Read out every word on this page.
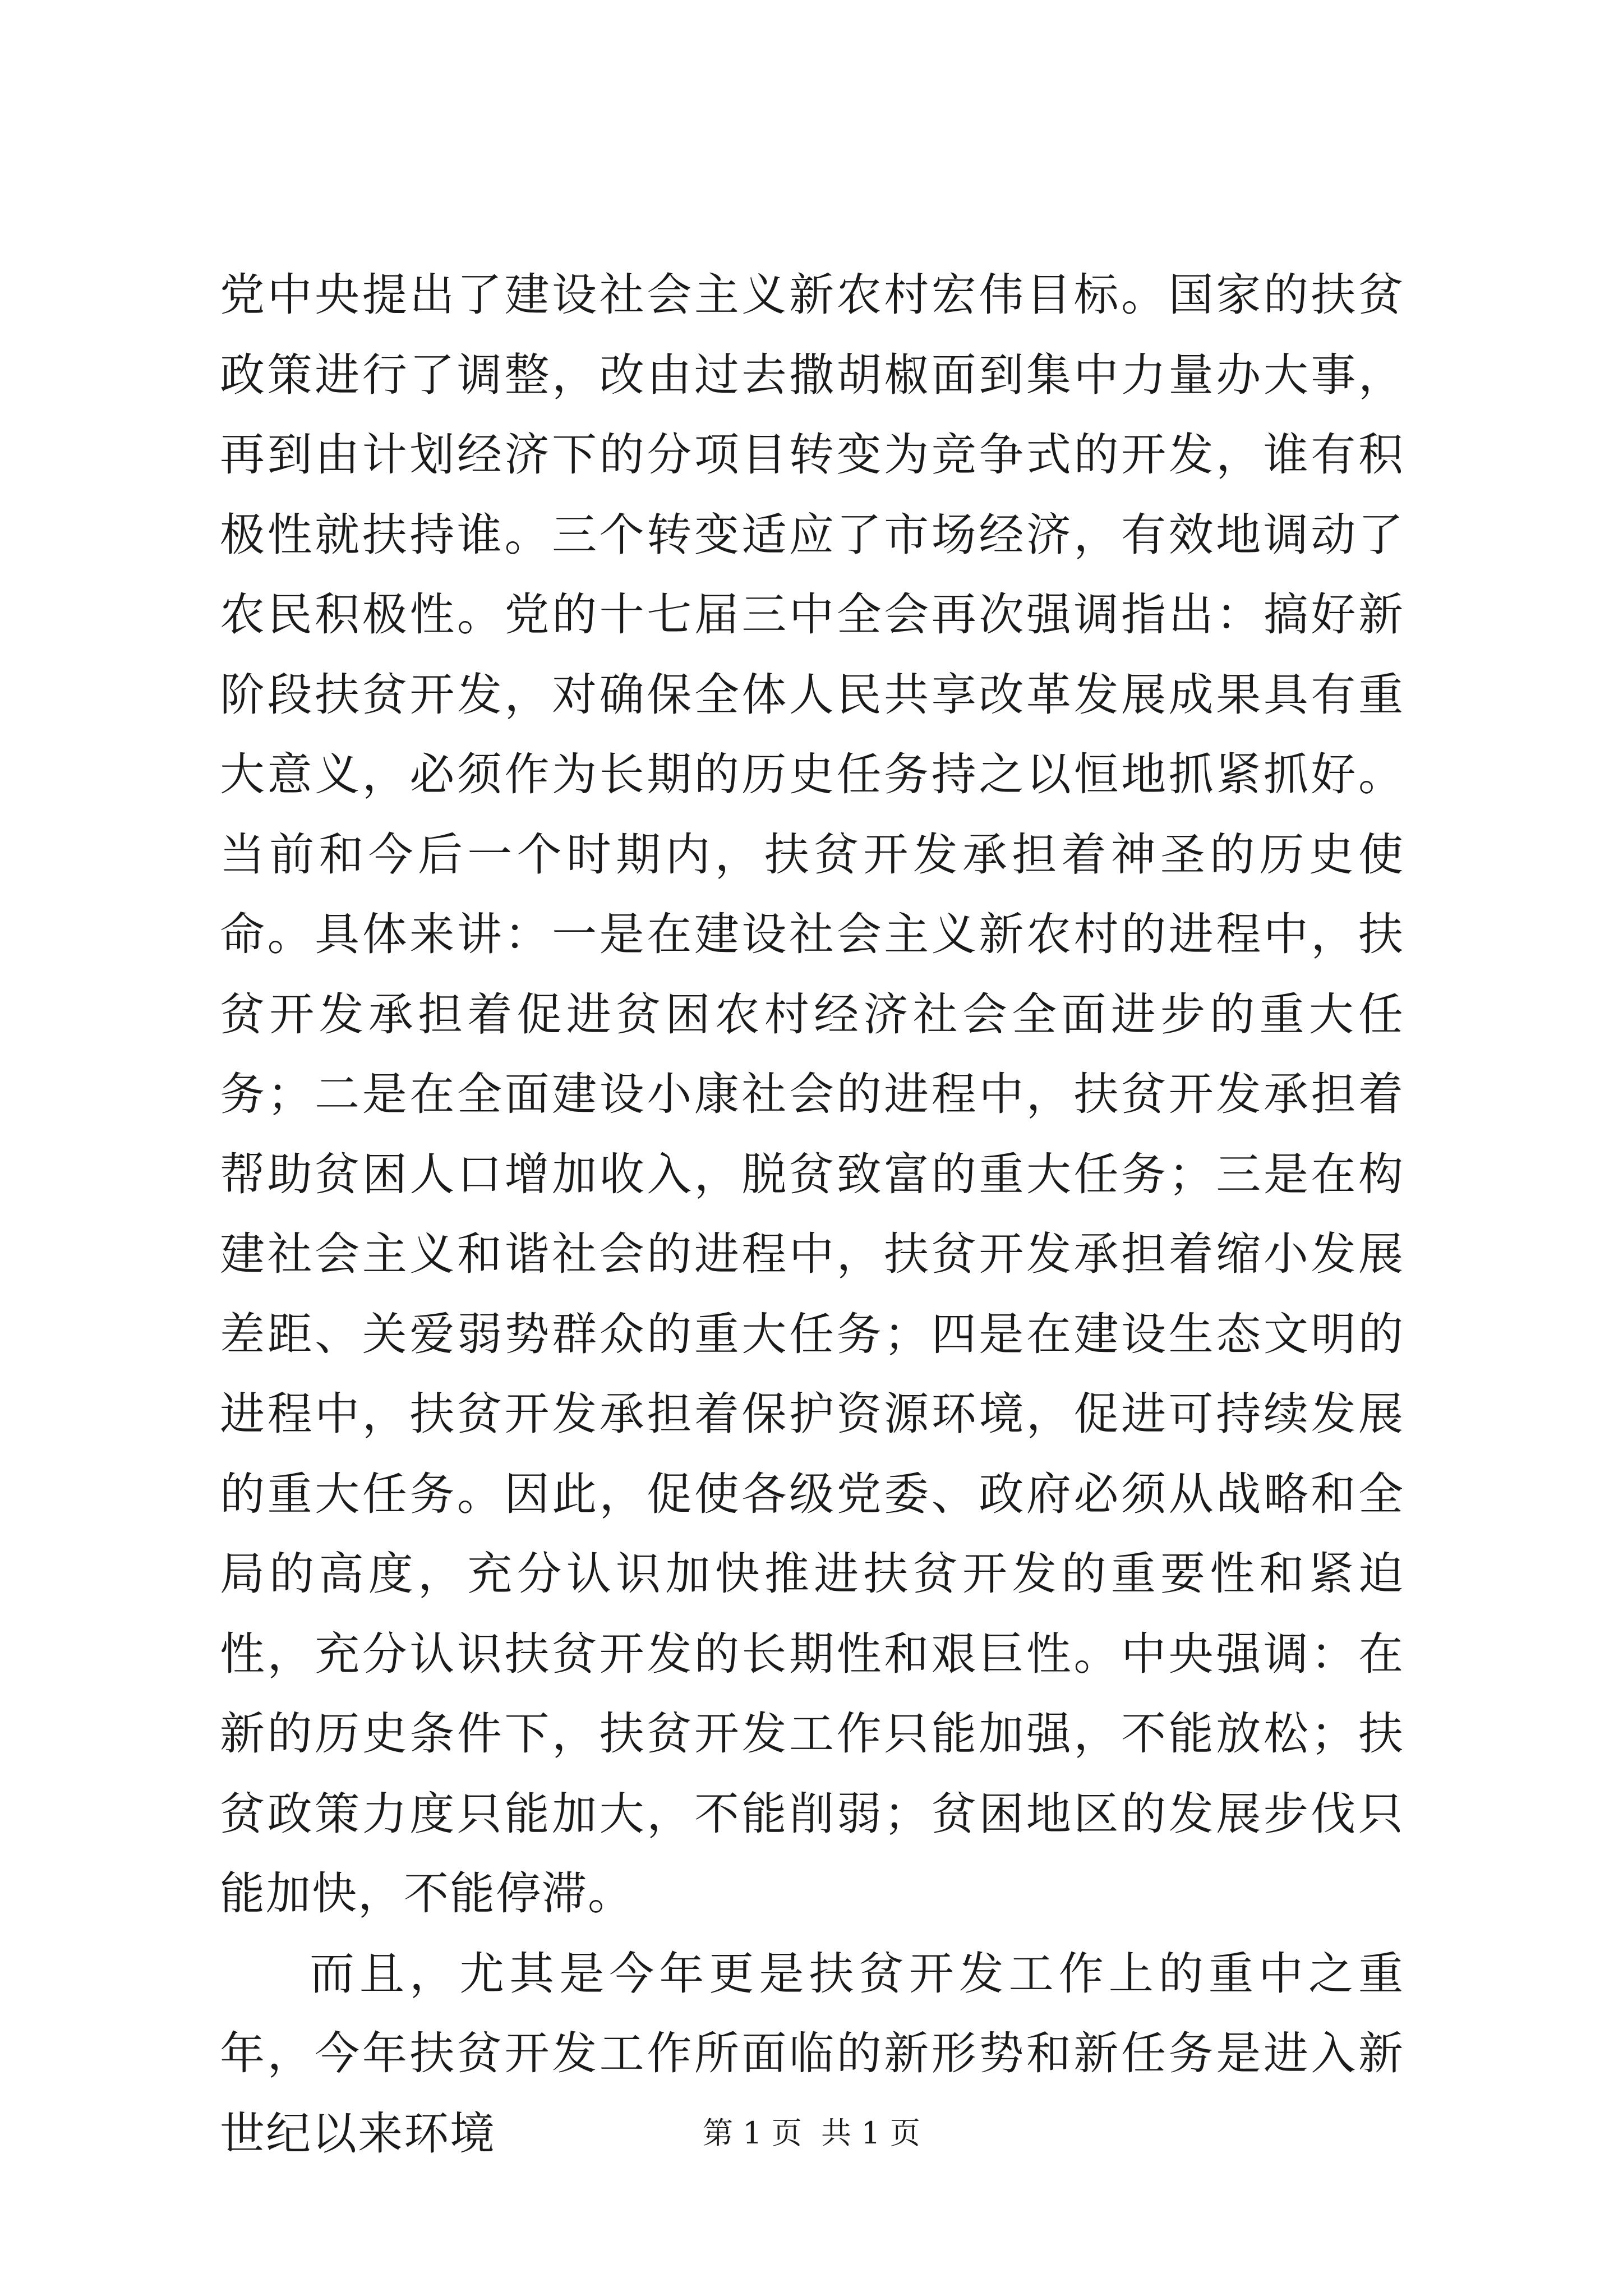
党中央提出了建设社会主义新农村宏伟目标。国家的扶贫政策进行了调整，改由过去撒胡椒面到集中力量办大事，再到由计划经济下的分项目转变为竞争式的开发，谁有积极性就扶持谁。三个转变适应了市场经济，有效地调动了农民积极性。党的十七届三中全会再次强调指出：搞好新阶段扶贫开发，对确保全体人民共享改革发展成果具有重大意义，必须作为长期的历史任务持之以恒地抓紧抓好。当前和今后一个时期内，扶贫开发承担着神圣的历史使命。具体来讲：一是在建设社会主义新农村的进程中，扶贫开发承担着促进贫困农村经济社会全面进步的重大任务；二是在全面建设小康社会的进程中，扶贫开发承担着帮助贫困人口增加收入，脱贫致富的重大任务；三是在构建社会主义和谐社会的进程中，扶贫开发承担着缩小发展差距、关爱弱势群众的重大任务；四是在建设生态文明的进程中，扶贫开发承担着保护资源环境，促进可持续发展的重大任务。因此，促使各级党委、政府必须从战略和全局的高度，充分认识加快推进扶贫开发的重要性和紧迫性，充分认识扶贫开发的长期性和艰巨性。中央强调：在新的历史条件下，扶贫开发工作只能加强，不能放松；扶贫政策力度只能加大，不能削弱；贫困地区的发展步伐只能加快，不能停滞。

而且，尤其是今年更是扶贫开发工作上的重中之重年，今年扶贫开发工作所面临的新形势和新任务是进入新世纪以来环境	第 1 页  共 1 页
